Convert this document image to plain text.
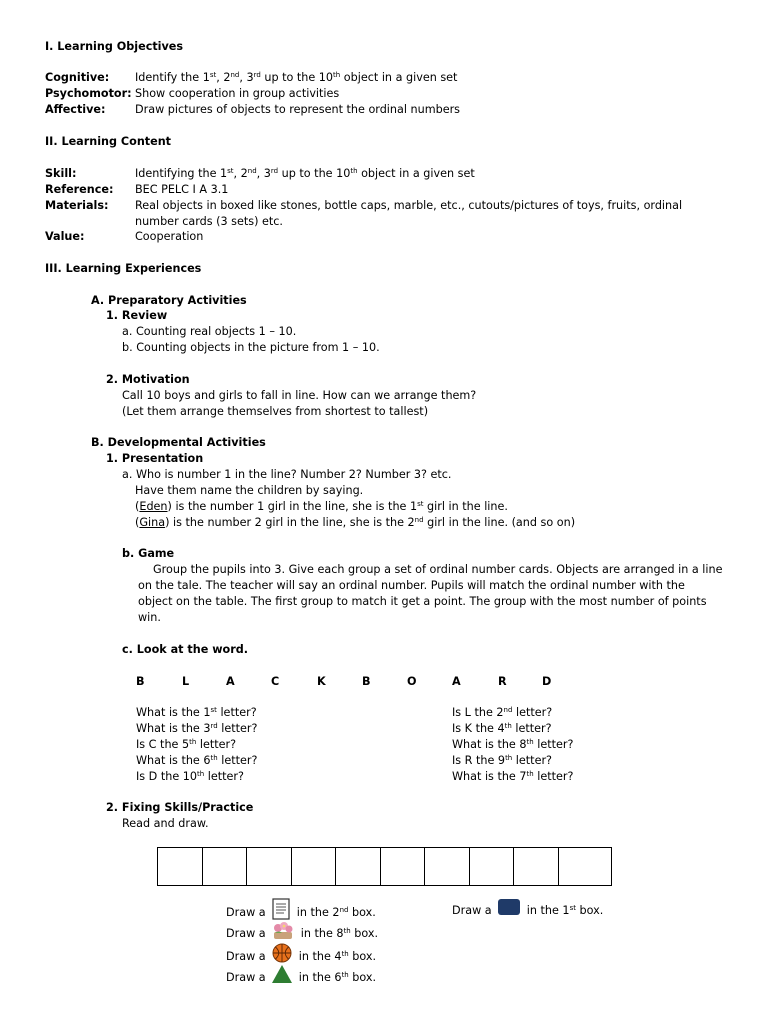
I. Learning Objectives
Cognitive: Identify the 1st, 2nd, 3rd up to the 10th object in a given set
Psychomotor: Show cooperation in group activities
Affective:	Draw pictures of objects to represent the ordinal numbers
II. Learning Content
Skill:	Identifying the 1st, 2nd, 3rd up to the 10th object in a given set
Reference: BEC PELC I A 3.1
Materials: Real objects in boxed like stones, bottle caps, marble, etc., cutouts/pictures of toys, fruits, ordinal
number cards (3 sets) etc.
Value:	Cooperation
III. Learning Experiences
A. Preparatory Activities
1. Review
a. Counting real objects 1 – 10.
b. Counting objects in the picture from 1 – 10.
2. Motivation
Call 10 boys and girls to fall in line. How can we arrange them?
(Let them arrange themselves from shortest to tallest)
B. Developmental Activities
1. Presentation
a. Who is number 1 in the line? Number 2? Number 3? etc.
Have them name the children by saying.
(Eden) is the number 1 girl in the line, she is the 1st girl in the line.
(Gina) is the number 2 girl in the line, she is the 2nd girl in the line. (and so on)
b. Game
Group the pupils into 3. Give each group a set of ordinal number cards. Objects are arranged in a line
on the tale. The teacher will say an ordinal number. Pupils will match the ordinal number with the
object on the table. The first group to match it get a point. The group with the most number of points
win.
c. Look at the word.
B	L	A	C	K	B	O	A	R	D
What is the 1st letter?
What is the 3rd letter?
Is C the 5th letter?
What is the 6th letter?
Is D the 10th letter?
Is L the 2nd letter?
Is K the 4th letter?
What is the 8th letter?
Is R the 9th letter?
What is the 7th letter?
2. Fixing Skills/Practice
Read and draw.
Draw a	in the 2nd box.
Draw a	in the 8th box.
Draw a	in the 4th box.
Draw a	in the 6th box.
Draw a	in the 1st box.
